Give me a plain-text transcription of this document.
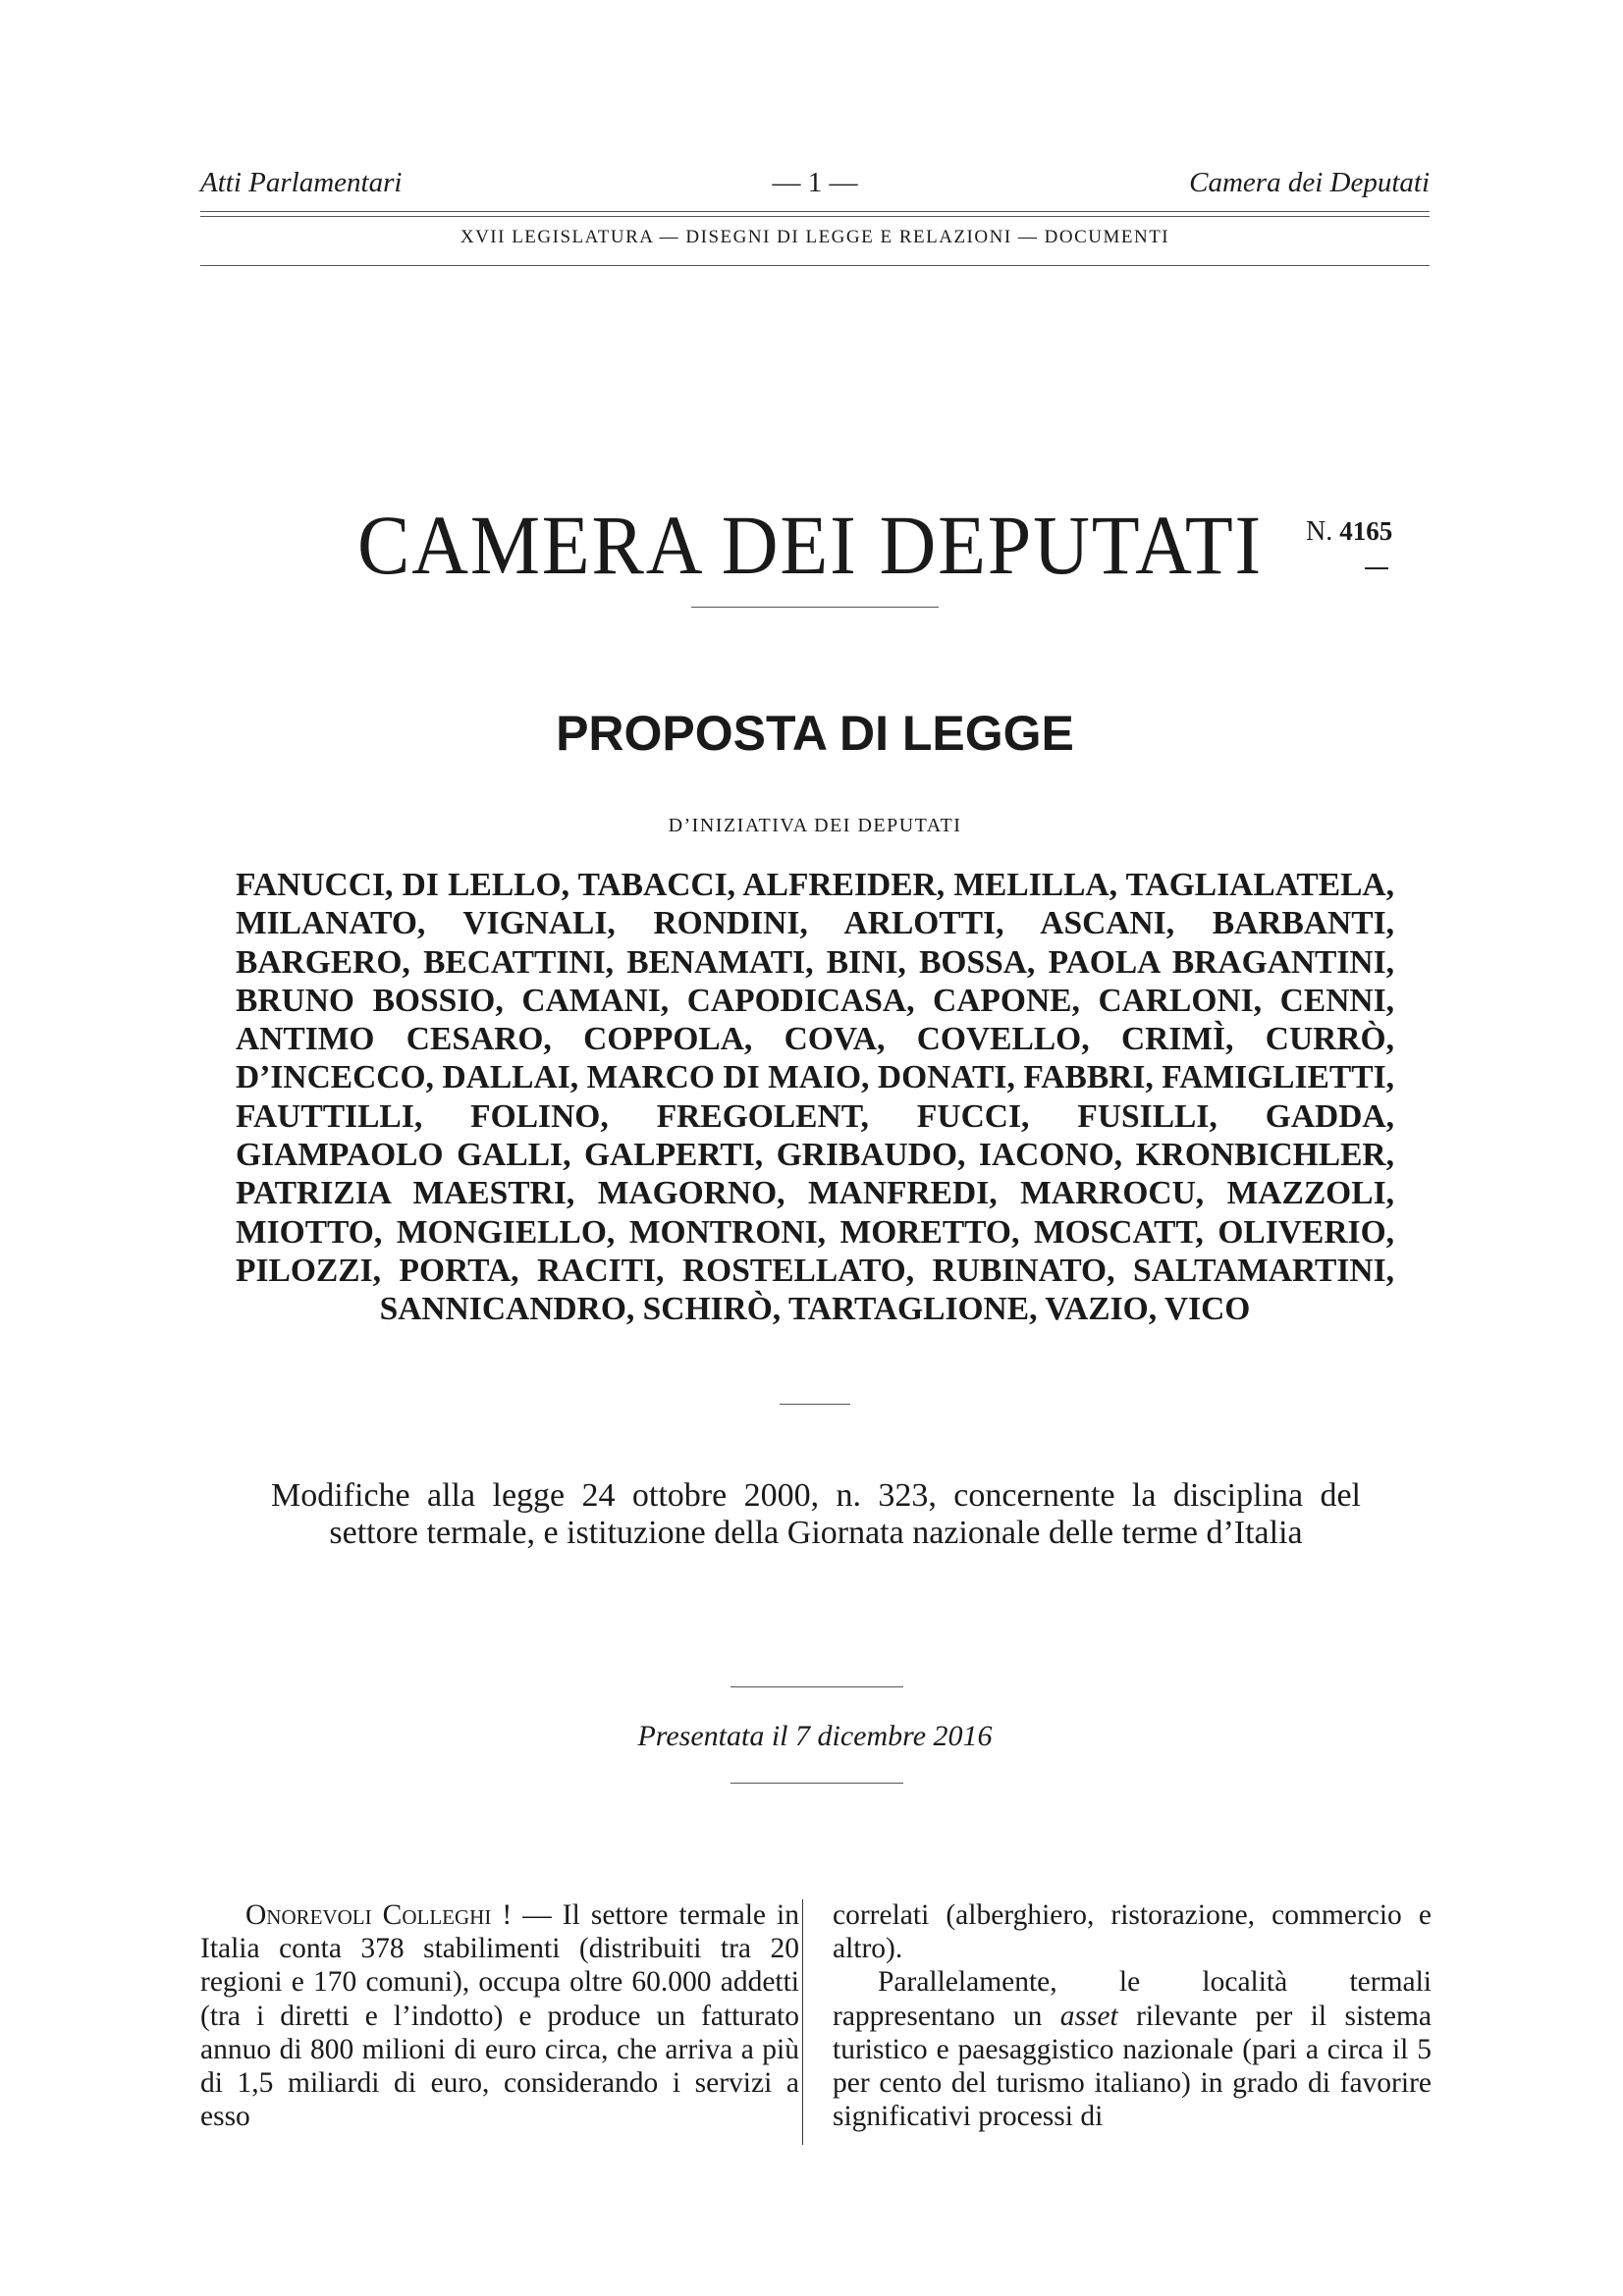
Atti Parlamentari	— 1 —	Camera dei Deputati
XVII LEGISLATURA — DISEGNI DI LEGGE E RELAZIONI — DOCUMENTI
CAMERA DEI DEPUTATI N. 4165
PROPOSTA DI LEGGE
D’INIZIATIVA DEI DEPUTATI
FANUCCI, DI LELLO, TABACCI, ALFREIDER, MELILLA, TAGLIALATELA, MILANATO, VIGNALI, RONDINI, ARLOTTI, ASCANI, BARBANTI, BARGERO, BECATTINI, BENAMATI, BINI, BOSSA, PAOLA BRAGANTINI, BRUNO BOSSIO, CAMANI, CAPODICASA, CAPONE, CARLONI, CENNI, ANTIMO CESARO, COPPOLA, COVA, COVELLO, CRIMÌ, CURRÒ, D’INCECCO, DALLAI, MARCO DI MAIO, DONATI, FABBRI, FAMIGLIETTI, FAUTTILLI, FOLINO, FREGOLENT, FUCCI, FUSILLI, GADDA, GIAMPAOLO GALLI, GALPERTI, GRIBAUDO, IACONO, KRONBICHLER, PATRIZIA MAESTRI, MAGORNO, MANFREDI, MARROCU, MAZZOLI, MIOTTO, MONGIELLO, MONTRONI, MORETTO, MOSCATT, OLIVERIO, PILOZZI, PORTA, RACITI, ROSTELLATO, RUBINATO, SALTAMARTINI, SANNICANDRO, SCHIRÒ, TARTAGLIONE, VAZIO, VICO
Modifiche alla legge 24 ottobre 2000, n. 323, concernente la disciplina del settore termale, e istituzione della Giornata nazionale delle terme d’Italia
Presentata il 7 dicembre 2016

Onorevoli Colleghi ! — Il settore termale in Italia conta 378 stabilimenti (distribuiti tra 20 regioni e 170 comuni), occupa oltre 60.000 addetti (tra i diretti e l’indotto) e produce un fatturato annuo di 800 milioni di euro circa, che arriva a più di 1,5 miliardi di euro, considerando i servizi a esso

correlati (alberghiero, ristorazione, commercio e altro).

Parallelamente, le località termali rappresentano un asset rilevante per il sistema turistico e paesaggistico nazionale (pari a circa il 5 per cento del turismo italiano) in grado di favorire significativi processi di
